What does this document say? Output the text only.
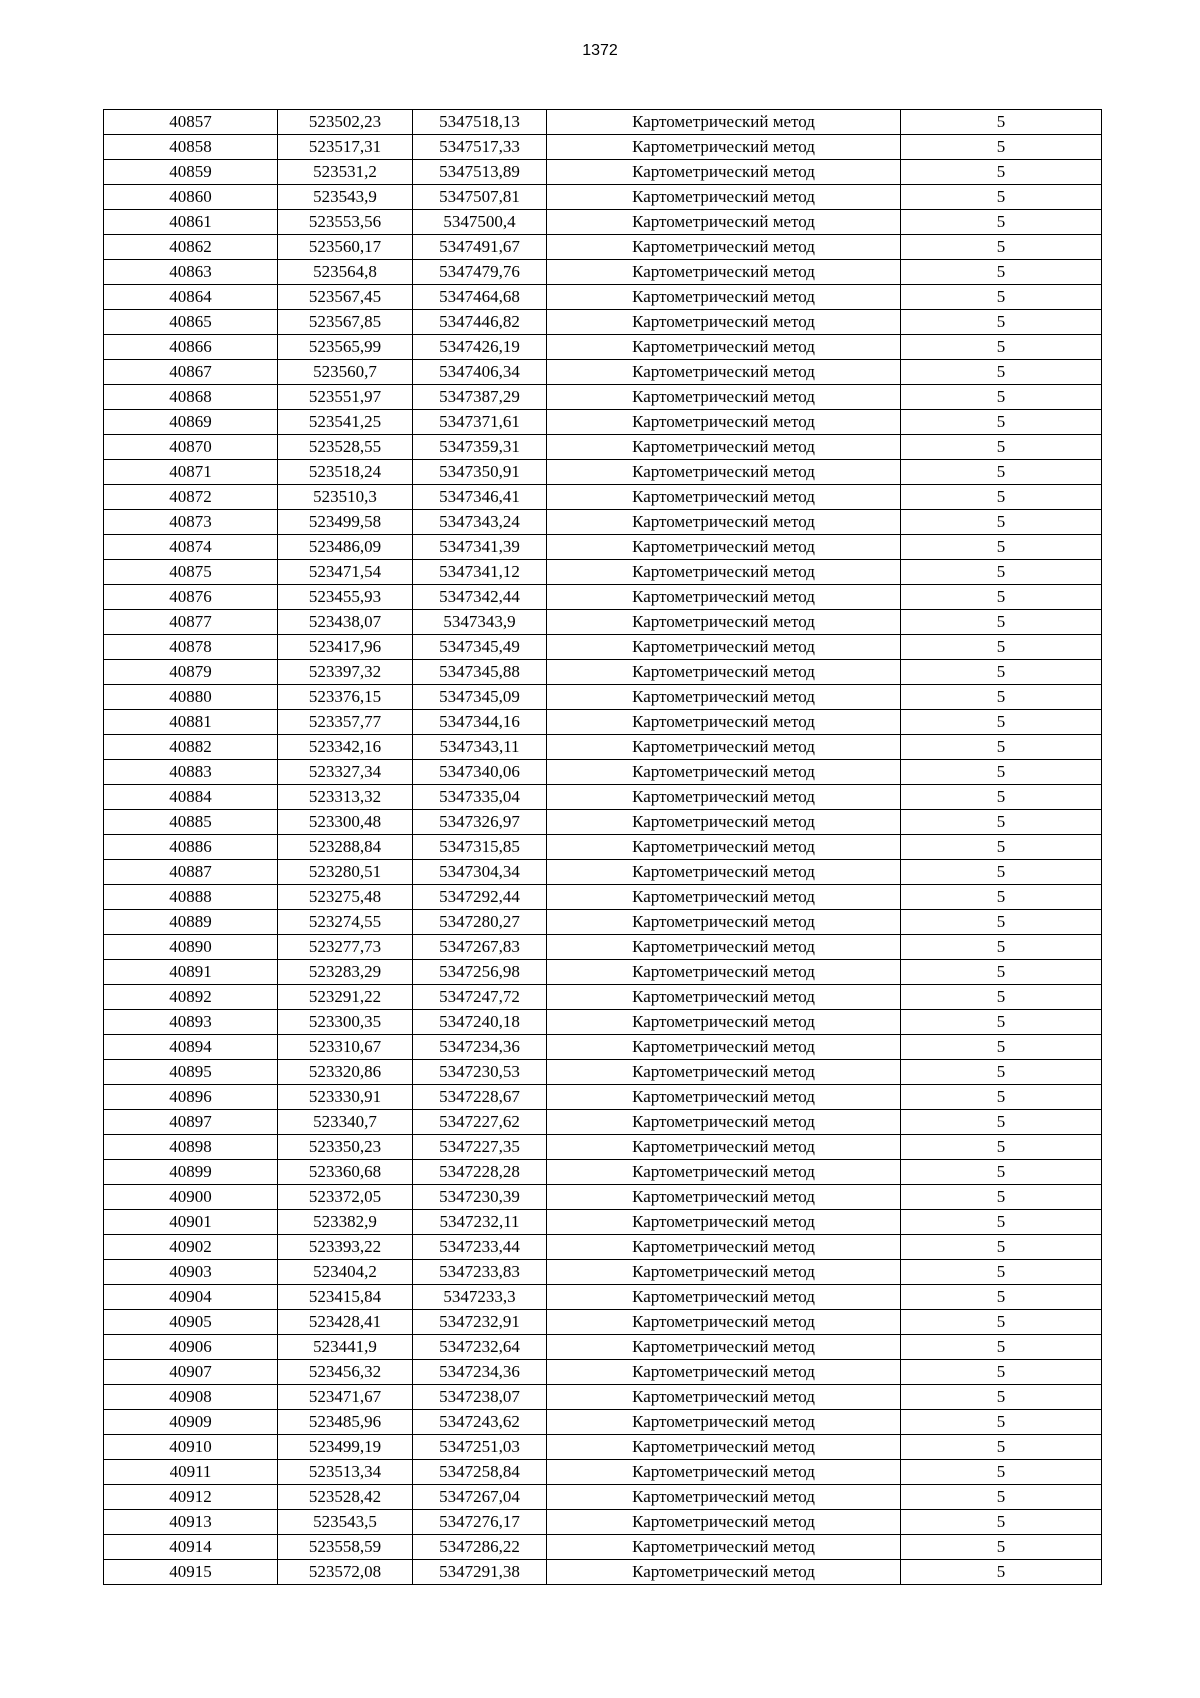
1372
40857	523502,23	5347518,13	Картометрический метод	5
40858	523517,31	5347517,33	Картометрический метод	5
40859	523531,2	5347513,89	Картометрический метод	5
40860	523543,9	5347507,81	Картометрический метод	5
40861	523553,56	5347500,4	Картометрический метод	5
40862	523560,17	5347491,67	Картометрический метод	5
40863	523564,8	5347479,76	Картометрический метод	5
40864	523567,45	5347464,68	Картометрический метод	5
40865	523567,85	5347446,82	Картометрический метод	5
40866	523565,99	5347426,19	Картометрический метод	5
40867	523560,7	5347406,34	Картометрический метод	5
40868	523551,97	5347387,29	Картометрический метод	5
40869	523541,25	5347371,61	Картометрический метод	5
40870	523528,55	5347359,31	Картометрический метод	5
40871	523518,24	5347350,91	Картометрический метод	5
40872	523510,3	5347346,41	Картометрический метод	5
40873	523499,58	5347343,24	Картометрический метод	5
40874	523486,09	5347341,39	Картометрический метод	5
40875	523471,54	5347341,12	Картометрический метод	5
40876	523455,93	5347342,44	Картометрический метод	5
40877	523438,07	5347343,9	Картометрический метод	5
40878	523417,96	5347345,49	Картометрический метод	5
40879	523397,32	5347345,88	Картометрический метод	5
40880	523376,15	5347345,09	Картометрический метод	5
40881	523357,77	5347344,16	Картометрический метод	5
40882	523342,16	5347343,11	Картометрический метод	5
40883	523327,34	5347340,06	Картометрический метод	5
40884	523313,32	5347335,04	Картометрический метод	5
40885	523300,48	5347326,97	Картометрический метод	5
40886	523288,84	5347315,85	Картометрический метод	5
40887	523280,51	5347304,34	Картометрический метод	5
40888	523275,48	5347292,44	Картометрический метод	5
40889	523274,55	5347280,27	Картометрический метод	5
40890	523277,73	5347267,83	Картометрический метод	5
40891	523283,29	5347256,98	Картометрический метод	5
40892	523291,22	5347247,72	Картометрический метод	5
40893	523300,35	5347240,18	Картометрический метод	5
40894	523310,67	5347234,36	Картометрический метод	5
40895	523320,86	5347230,53	Картометрический метод	5
40896	523330,91	5347228,67	Картометрический метод	5
40897	523340,7	5347227,62	Картометрический метод	5
40898	523350,23	5347227,35	Картометрический метод	5
40899	523360,68	5347228,28	Картометрический метод	5
40900	523372,05	5347230,39	Картометрический метод	5
40901	523382,9	5347232,11	Картометрический метод	5
40902	523393,22	5347233,44	Картометрический метод	5
40903	523404,2	5347233,83	Картометрический метод	5
40904	523415,84	5347233,3	Картометрический метод	5
40905	523428,41	5347232,91	Картометрический метод	5
40906	523441,9	5347232,64	Картометрический метод	5
40907	523456,32	5347234,36	Картометрический метод	5
40908	523471,67	5347238,07	Картометрический метод	5
40909	523485,96	5347243,62	Картометрический метод	5
40910	523499,19	5347251,03	Картометрический метод	5
40911	523513,34	5347258,84	Картометрический метод	5
40912	523528,42	5347267,04	Картометрический метод	5
40913	523543,5	5347276,17	Картометрический метод	5
40914	523558,59	5347286,22	Картометрический метод	5
40915	523572,08	5347291,38	Картометрический метод	5
